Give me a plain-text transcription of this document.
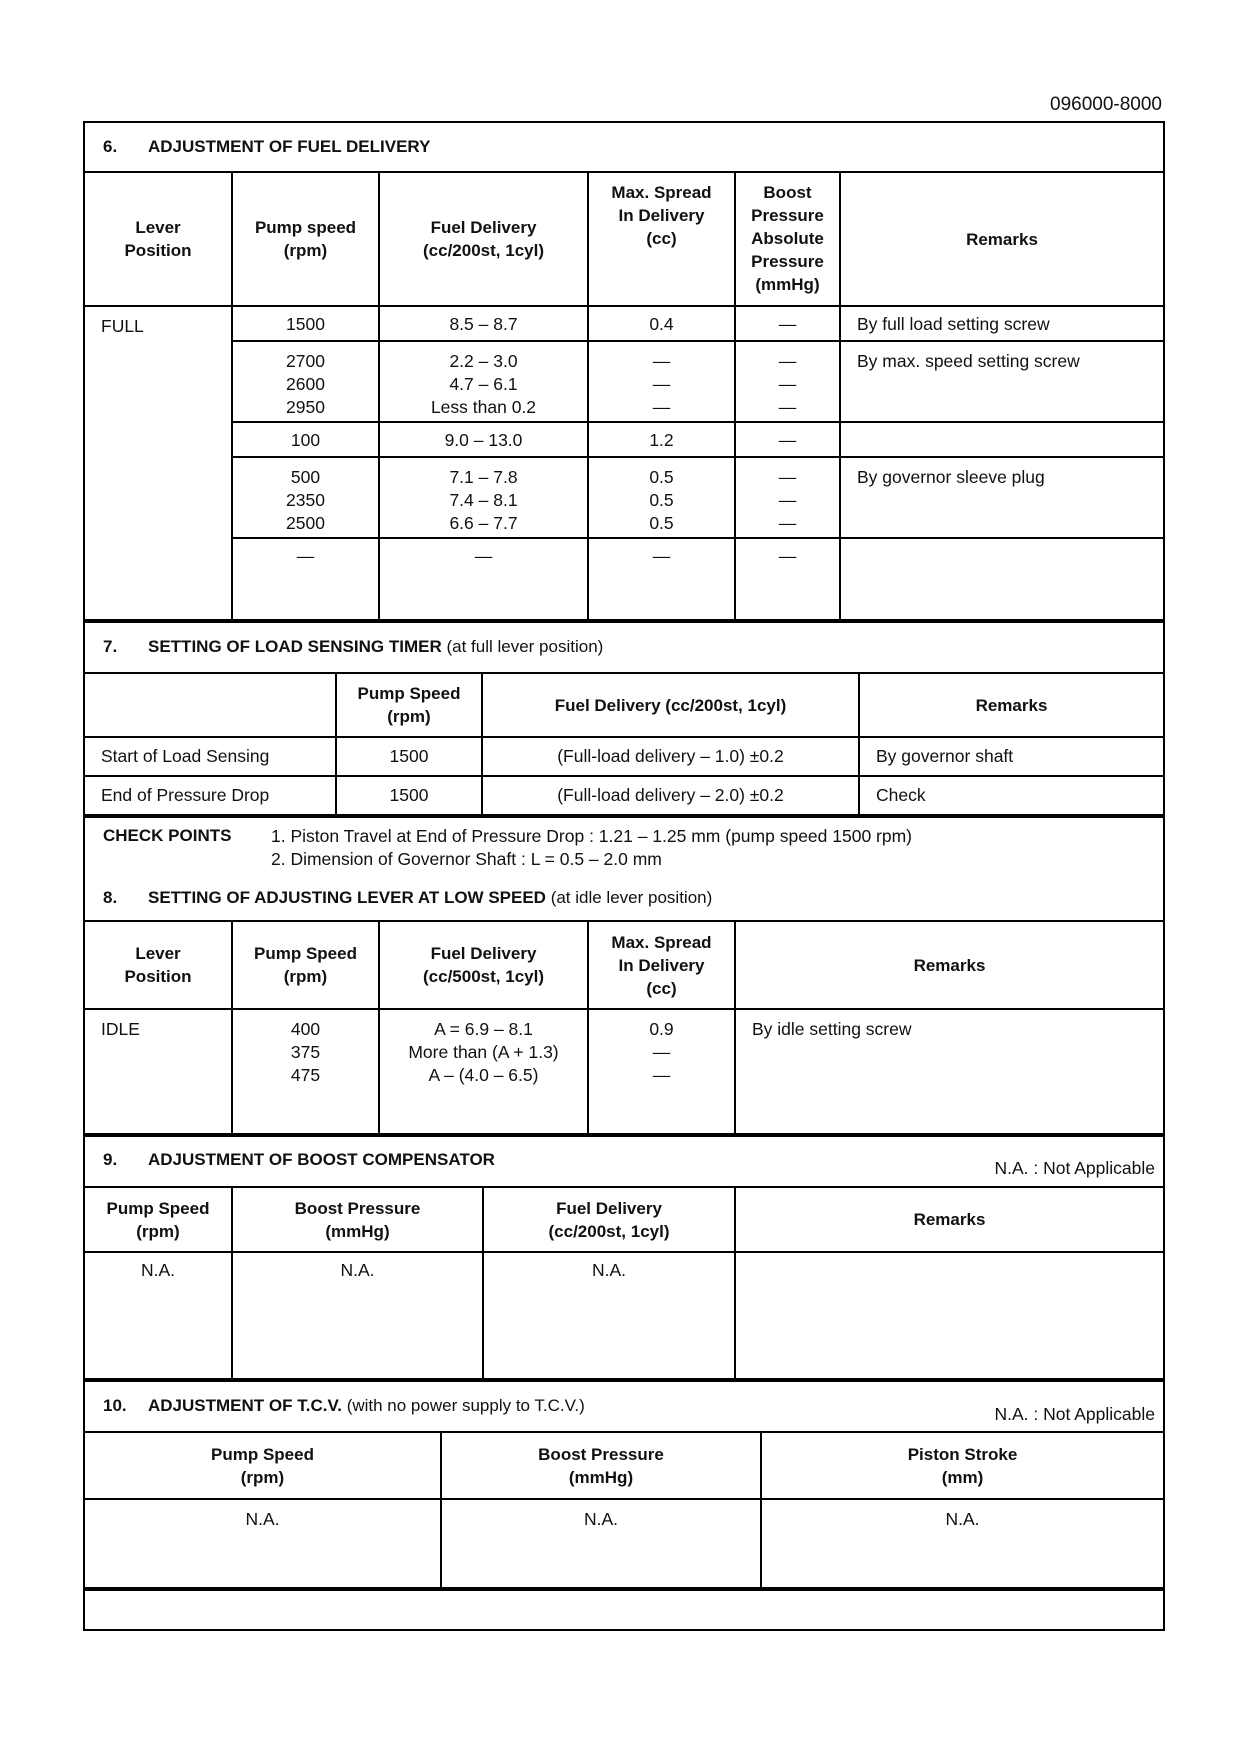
096000-8000
6. ADJUSTMENT OF FUEL DELIVERY
Lever
Position	Pump speed
(rpm)	Fuel Delivery
(cc/200st, 1cyl)	Max. Spread
In Delivery
(cc)	Boost
Pressure
Absolute
Pressure
(mmHg)	Remarks
FULL	1500	8.5 – 8.7	0.4	—	By full load setting screw

	2700
2600
2950	2.2 – 3.0
4.7 – 6.1
Less than 0.2	—
—
—	—
—
—	By max. speed setting screw

	100	9.0 – 13.0	1.2	—	

	500
2350
2500	7.1 – 7.8
7.4 – 8.1
6.6 – 7.7	0.5
0.5
0.5	—
—
—	By governor sleeve plug

	—	—	—	—	

7. SETTING OF LOAD SENSING TIMER (at full lever position)

	Pump Speed
(rpm)	Fuel Delivery (cc/200st, 1cyl)	Remarks
Start of Load Sensing	1500	(Full-load delivery – 1.0) ±0.2	By governor shaft
End of Pressure Drop	1500	(Full-load delivery – 2.0) ±0.2	Check
CHECK POINTS 1. Piston Travel at End of Pressure Drop : 1.21 – 1.25 mm (pump speed 1500 rpm)
2. Dimension of Governor Shaft : L = 0.5 – 2.0 mm
8. SETTING OF ADJUSTING LEVER AT LOW SPEED (at idle lever position)
Lever
Position	Pump Speed
(rpm)	Fuel Delivery
(cc/500st, 1cyl)	Max. Spread
In Delivery
(cc)	Remarks
IDLE	400
375
475	A = 6.9 – 8.1
More than (A + 1.3)
A – (4.0 – 6.5)	0.9
—
—	By idle setting screw
9. ADJUSTMENT OF BOOST COMPENSATOR	N.A. : Not Applicable
Pump Speed
(rpm)	Boost Pressure
(mmHg)	Fuel Delivery
(cc/200st, 1cyl)	Remarks
N.A.	N.A.	N.A.	
10. ADJUSTMENT OF T.C.V. (with no power supply to T.C.V.)	N.A. : Not Applicable
Pump Speed
(rpm)	Boost Pressure
(mmHg)	Piston Stroke
(mm)

N.A.	N.A.	N.A.
